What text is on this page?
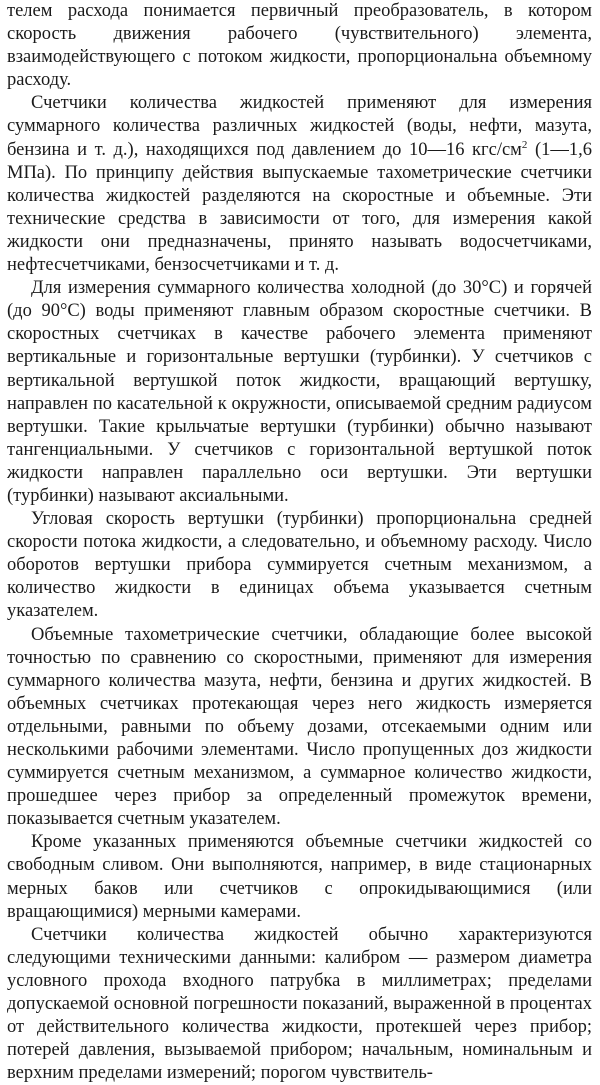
телем расхода понимается первичный преобразователь, в котором скорость движения рабочего (чувствительного) элемента, взаимодействующего с потоком жидкости, пропорциональна объемному расходу.

Счетчики количества жидкостей применяют для измерения суммарного количества различных жидкостей (воды, нефти, мазута, бензина и т. д.), находящихся под давлением до 10—16 кгс/$см^2$ (1—1,6 МПа). По принципу действия выпускаемые тахометрические счетчики количества жидкостей разделяются на скоростные и объемные. Эти технические средства в зависимости от того, для измерения какой жидкости они предназначены, принято называть водосчетчиками, нефтесчетчиками, бензосчетчиками и т. д.

Для измерения суммарного количества холодной (до 30°С) и горячей (до 90°С) воды применяют главным образом скоростные счетчики. В скоростных счетчиках в качестве рабочего элемента применяют вертикальные и горизонтальные вертушки (турбинки). У счетчиков с вертикальной вертушкой поток жидкости, вращающий вертушку, направлен по касательной к окружности, описываемой средним радиусом вертушки. Такие крыльчатые вертушки (турбинки) обычно называют тангенциальными. У счетчиков с горизонтальной вертушкой поток жидкости направлен параллельно оси вертушки. Эти вертушки (турбинки) называют аксиальными.

Угловая скорость вертушки (турбинки) пропорциональна средней скорости потока жидкости, а следовательно, и объемному расходу. Число оборотов вертушки прибора суммируется счетным механизмом, а количество жидкости в единицах объема указывается счетным указателем.

Объемные тахометрические счетчики, обладающие более высокой точностью по сравнению со скоростными, применяют для измерения суммарного количества мазута, нефти, бензина и других жидкостей. В объемных счетчиках протекающая через него жидкость измеряется отдельными, равными по объему дозами, отсекаемыми одним или несколькими рабочими элементами. Число пропущенных доз жидкости суммируется счетным механизмом, а суммарное количество жидкости, прошедшее через прибор за определенный промежуток времени, показывается счетным указателем.

Кроме указанных применяются объемные счетчики жидкостей со свободным сливом. Они выполняются, например, в виде стационарных мерных баков или счетчиков с опрокидывающимися (или вращающимися) мерными камерами.

Счетчики количества жидкостей обычно характеризуются следующими техническими данными: калибром — размером диаметра условного прохода входного патрубка в миллиметрах; пределами допускаемой основной погрешности показаний, выраженной в процентах от действительного количества жидкости, протекшей через прибор; потерей давления, вызываемой прибором; начальным, номинальным и верхним пределами измерений; порогом чувствитель-
